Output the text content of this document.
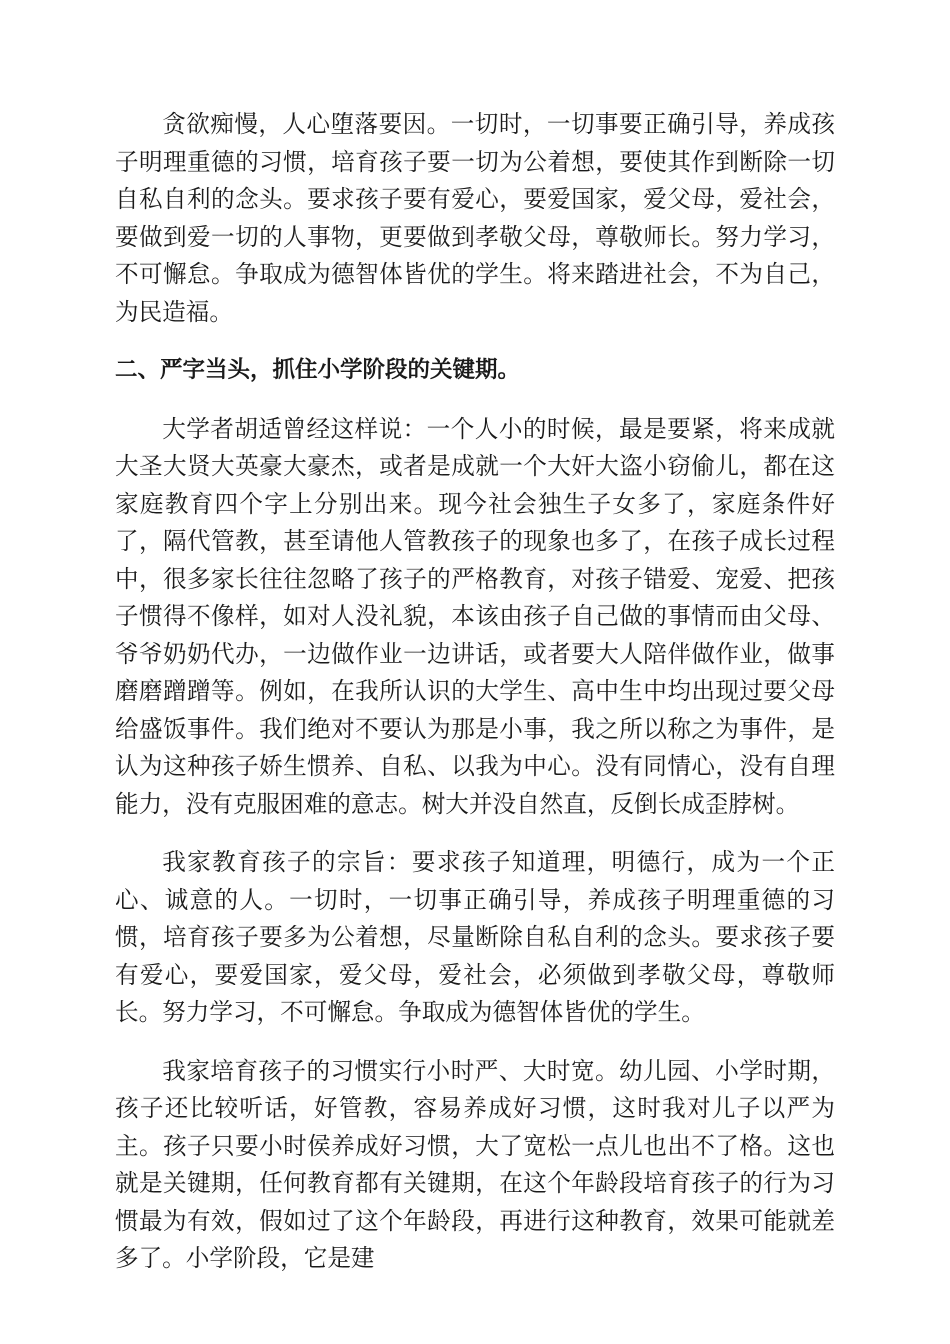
贪欲痴慢，人心堕落要因。一切时，一切事要正确引导，养成孩子明理重德的习惯，培育孩子要一切为公着想，要使其作到断除一切自私自利的念头。要求孩子要有爱心，要爱国家，爱父母，爱社会，要做到爱一切的人事物，更要做到孝敬父母，尊敬师长。努力学习，不可懈怠。争取成为德智体皆优的学生。将来踏进社会，不为自己，为民造福。

二、严字当头，抓住小学阶段的关键期。

大学者胡适曾经这样说：一个人小的时候，最是要紧，将来成就大圣大贤大英豪大豪杰，或者是成就一个大奸大盗小窃偷儿，都在这家庭教育四个字上分别出来。现今社会独生子女多了，家庭条件好了，隔代管教，甚至请他人管教孩子的现象也多了，在孩子成长过程中，很多家长往往忽略了孩子的严格教育，对孩子错爱、宠爱、把孩子惯得不像样，如对人没礼貌，本该由孩子自己做的事情而由父母、爷爷奶奶代办，一边做作业一边讲话，或者要大人陪伴做作业，做事磨磨蹭蹭等。例如，在我所认识的大学生、高中生中均出现过要父母给盛饭事件。我们绝对不要认为那是小事，我之所以称之为事件，是认为这种孩子娇生惯养、自私、以我为中心。没有同情心，没有自理能力，没有克服困难的意志。树大并没自然直，反倒长成歪脖树。

我家教育孩子的宗旨：要求孩子知道理，明德行，成为一个正心、诚意的人。一切时，一切事正确引导，养成孩子明理重德的习惯，培育孩子要多为公着想，尽量断除自私自利的念头。要求孩子要有爱心，要爱国家，爱父母，爱社会，必须做到孝敬父母，尊敬师长。努力学习，不可懈怠。争取成为德智体皆优的学生。

我家培育孩子的习惯实行小时严、大时宽。幼儿园、小学时期，孩子还比较听话，好管教，容易养成好习惯，这时我对儿子以严为主。孩子只要小时侯养成好习惯，大了宽松一点儿也出不了格。这也就是关键期，任何教育都有关键期，在这个年龄段培育孩子的行为习惯最为有效，假如过了这个年龄段，再进行这种教育，效果可能就差多了。小学阶段，它是建
